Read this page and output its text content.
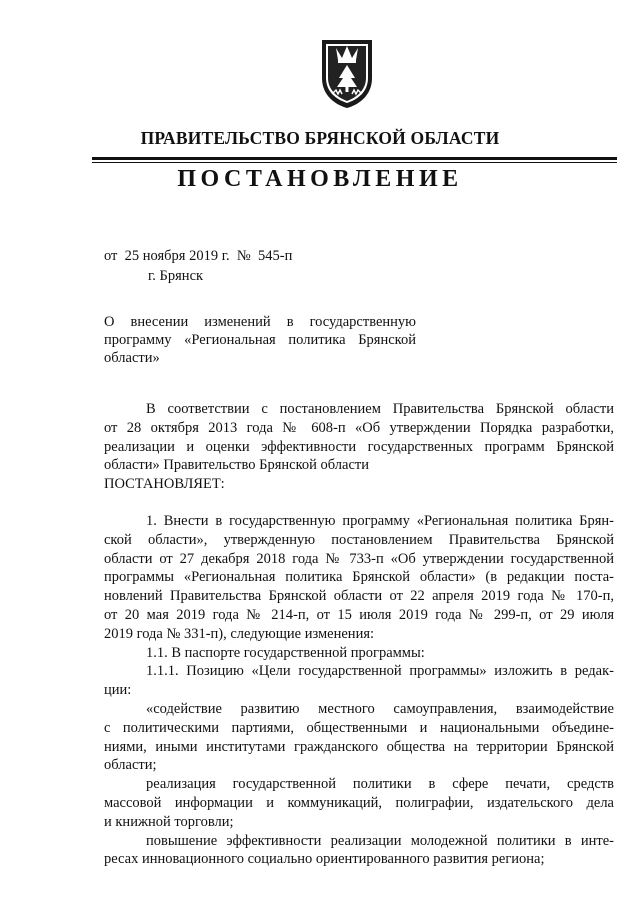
ПРАВИТЕЛЬСТВО БРЯНСКОЙ ОБЛАСТИ
ПОСТАНОВЛЕНИЕ
от  25 ноября 2019 г.  №  545-п
г. Брянск
О внесении изменений в государственную
программу «Региональная политика Брянской
области»
В соответствии с постановлением Правительства Брянской области
от 28 октября 2013 года № 608-п «Об утверждении Порядка разработки,
реализации и оценки эффективности государственных программ Брянской
области» Правительство Брянской области
ПОСТАНОВЛЯЕТ:
1. Внести в государственную программу «Региональная политика Брян-
ской области», утвержденную постановлением Правительства Брянской
области от 27 декабря 2018 года № 733-п «Об утверждении государственной
программы «Региональная политика Брянской области» (в редакции поста-
новлений Правительства Брянской области от 22 апреля 2019 года № 170-п,
от 20 мая 2019 года № 214-п, от 15 июля 2019 года № 299-п, от 29 июля
2019 года № 331-п), следующие изменения:
1.1. В паспорте государственной программы:
1.1.1. Позицию «Цели государственной программы» изложить в редак-
ции:
«содействие развитию местного самоуправления, взаимодействие
с политическими партиями, общественными и национальными объедине-
ниями, иными институтами гражданского общества на территории Брянской
области;
реализация государственной политики в сфере печати, средств
массовой информации и коммуникаций, полиграфии, издательского дела
и книжной торговли;
повышение эффективности реализации молодежной политики в инте-
ресах инновационного социально ориентированного развития региона;
